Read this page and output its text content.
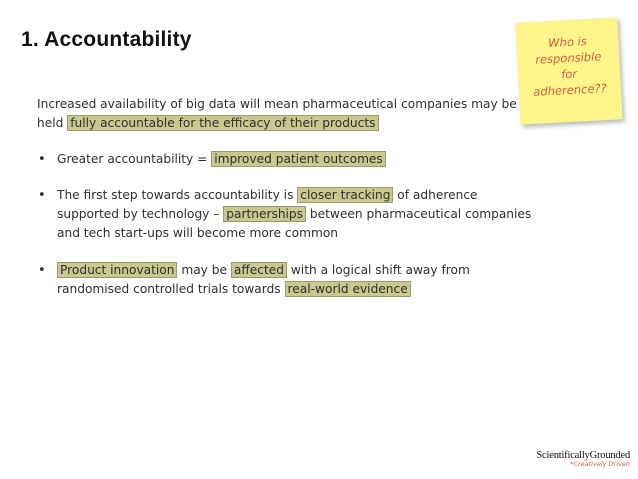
1. Accountability	Who is
responsible
for
adherence??

Increased availability of big data will mean pharmaceutical companies may be held fully accountable for the efficacy of their products

• Greater accountability = improved patient outcomes
• The first step towards accountability is closer tracking of adherence supported by technology – partnerships between pharmaceutical companies and tech start-ups will become more common
• Product innovation may be affected with a logical shift away from randomised controlled trials towards real-world evidence
ScientificallyGrounded
*Creatively Driven
